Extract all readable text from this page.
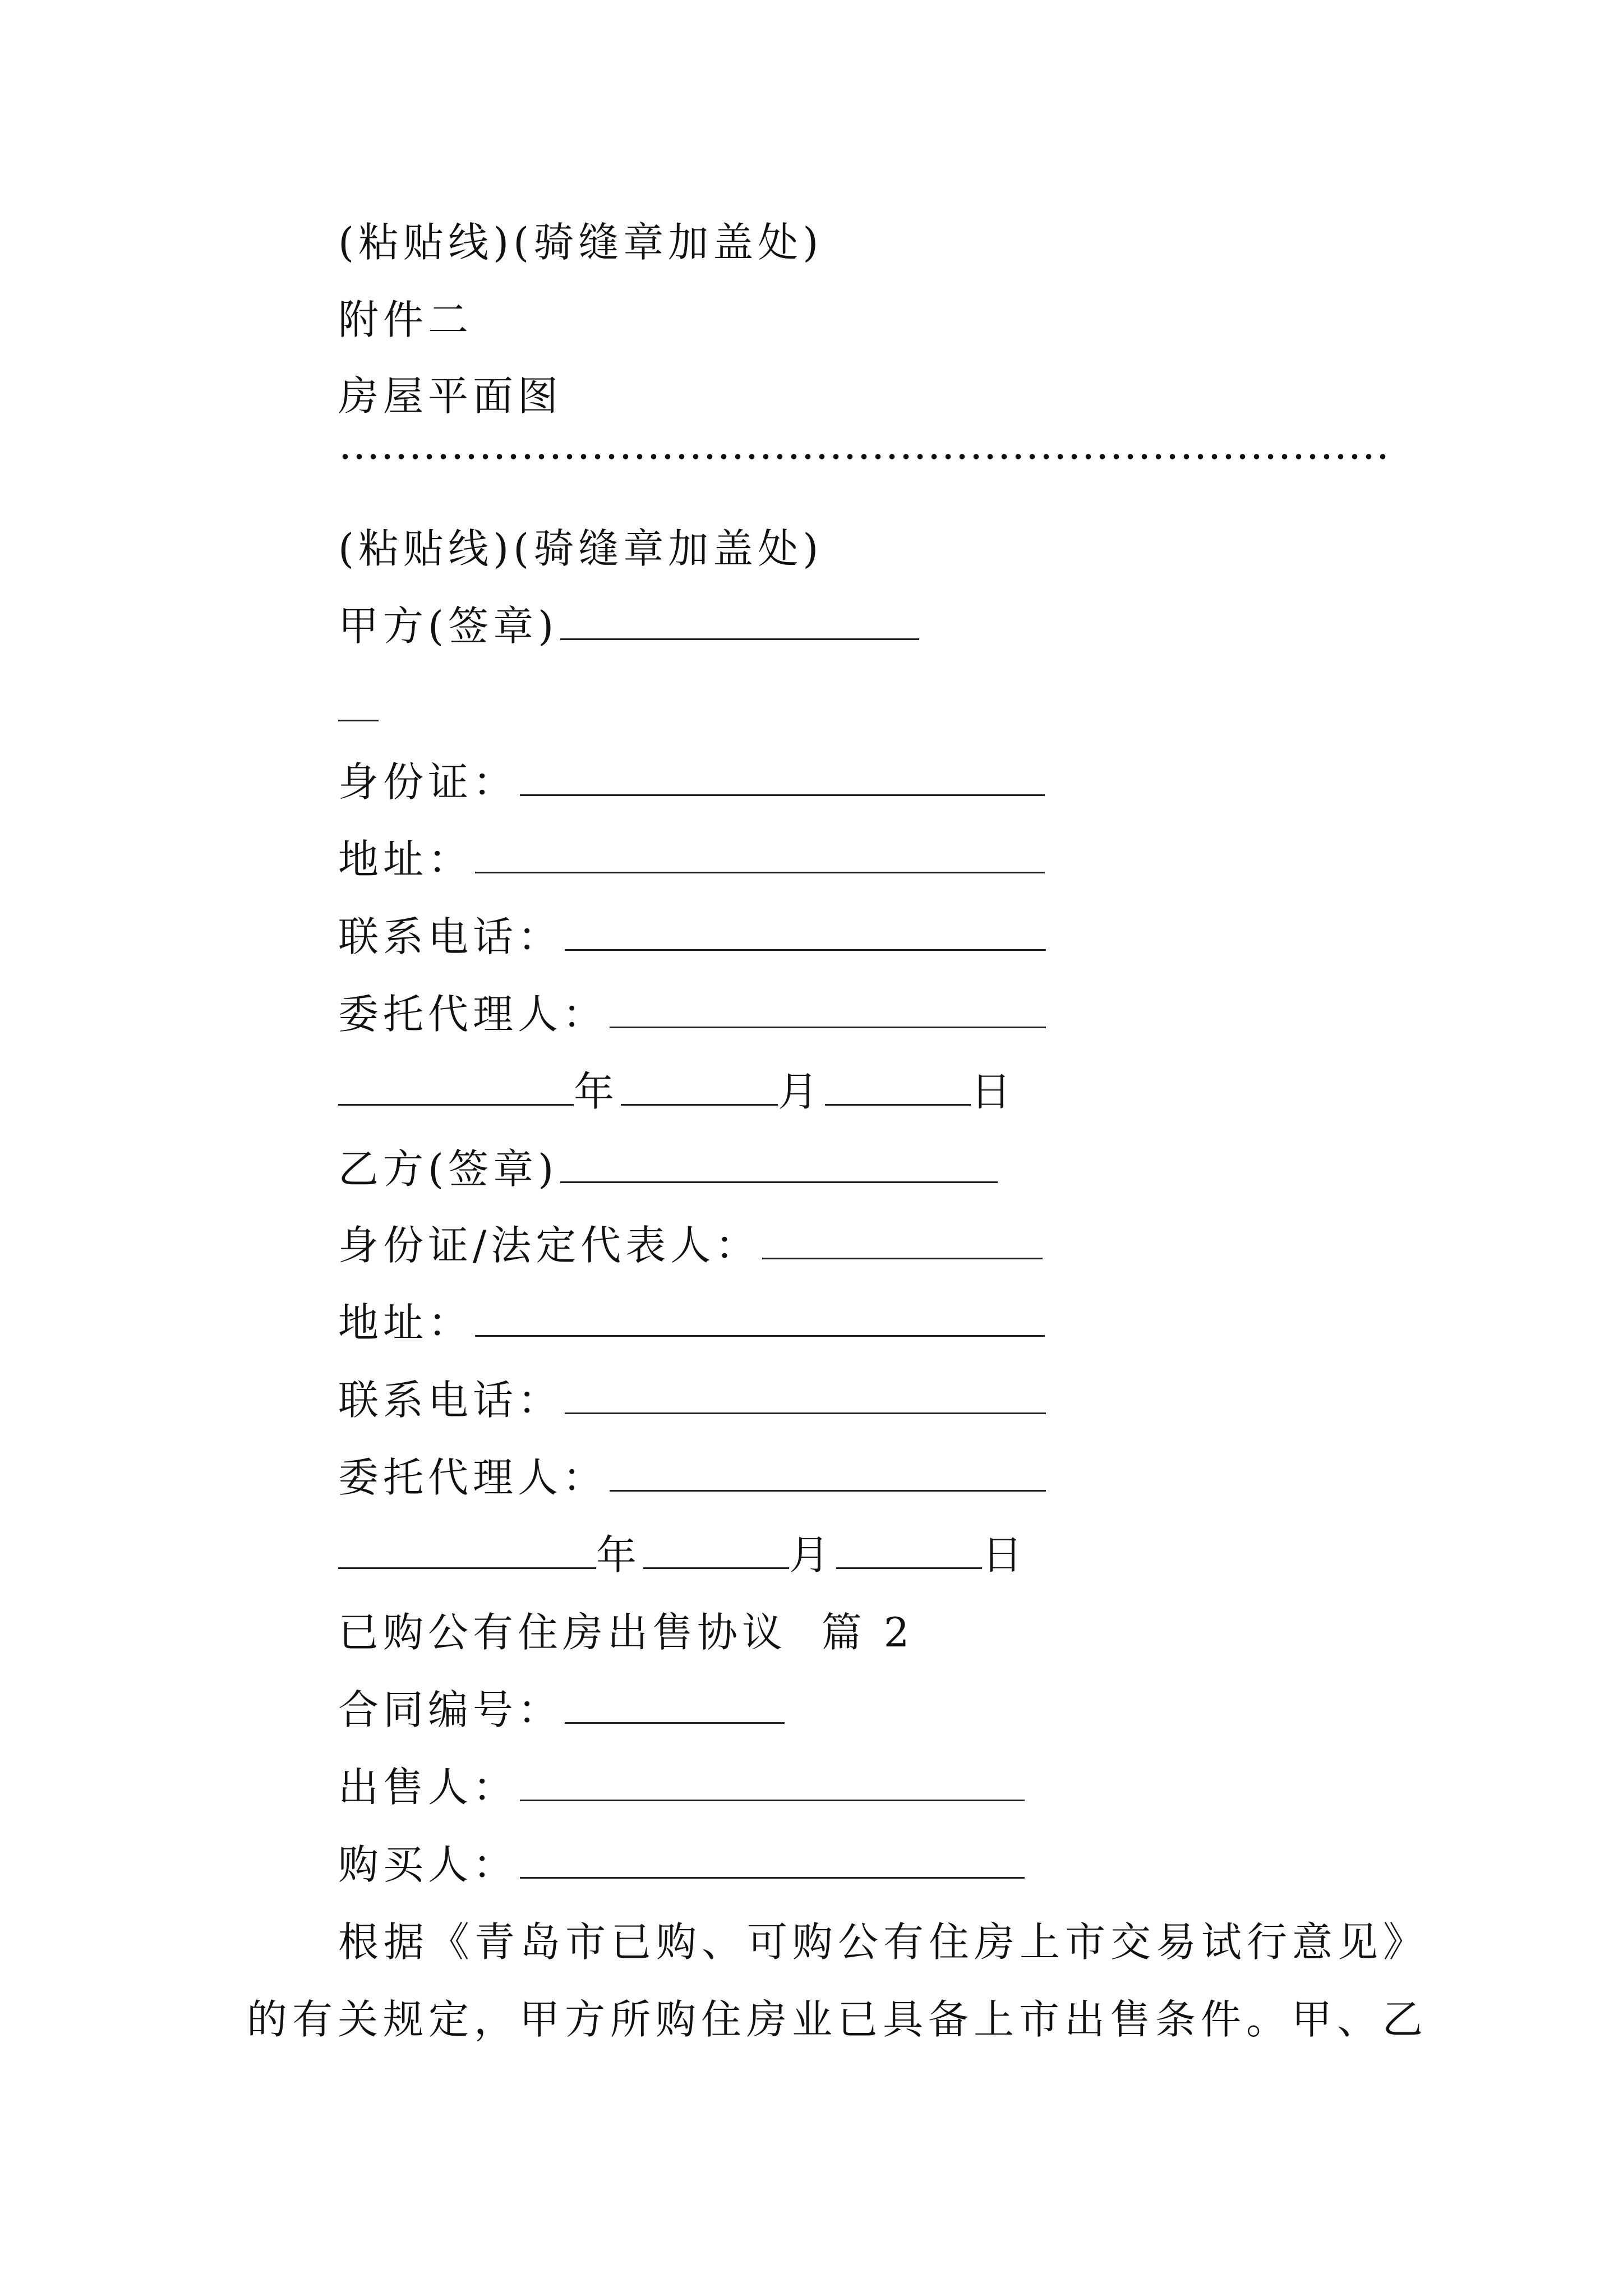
(粘贴线)(骑缝章加盖处)
附件二
房屋平面图
(粘贴线)(骑缝章加盖处)
甲方(签章)
身份证：
地址：
联系电话：
委托代理人：
年	月	日
乙方(签章)
身份证/法定代表人：
地址：
联系电话：
委托代理人：
年	月	日
已购公有住房出售协议  篇 2
合同编号：
出售人：
购买人：
根据《青岛市已购、可购公有住房上市交易试行意见》
的有关规定，甲方所购住房业已具备上市出售条件。甲、乙
